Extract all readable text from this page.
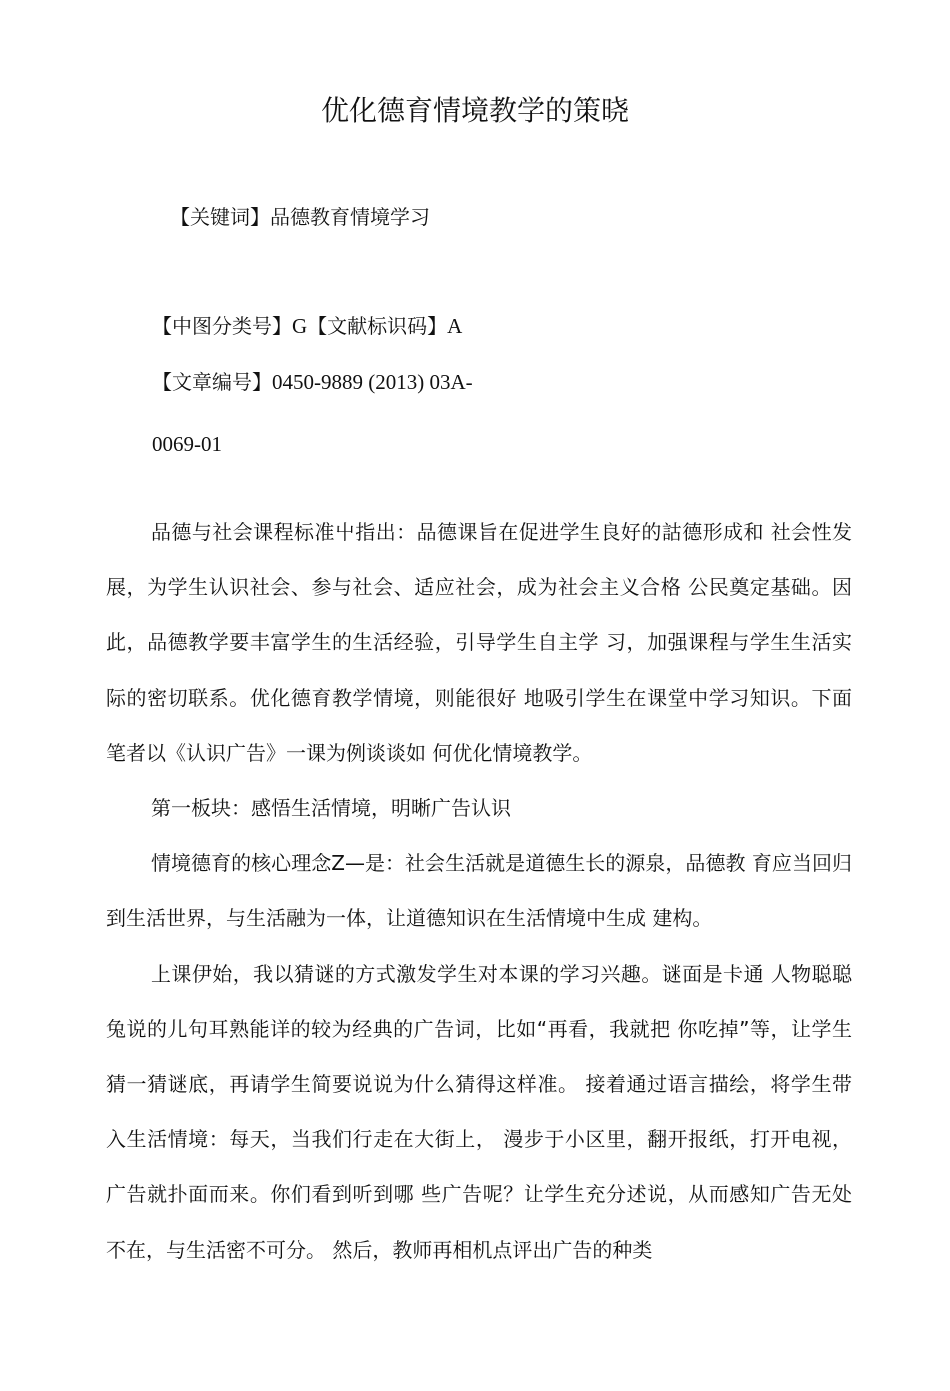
优化德育情境教学的策晓
【关键词】品德教育情境学习
【中图分类号】G【文献标识码】A
【文章编号】0450-9889 (2013) 03A-
0069-01

品德与社会课程标准屮指出：品德课旨在促进学生良好的詁德形成和 社会性发展，为学生认识社会、参与社会、适应社会，成为社会主义合格 公民奠定基础。因此，品德教学要丰富学生的生活经验，引导学生自主学 习，加强课程与学生生活实际的密切联系。优化德育教学情境，则能很好 地吸引学生在课堂中学习知识。下面笔者以《认识广告》一课为例谈谈如 何优化情境教学。

第一板块：感悟生活情境，明晰广告认识

情境德育的核心理念Z—是：社会生活就是道德生长的源泉，品德教 育应当回归到生活世界，与生活融为一体，让道德知识在生活情境中生成 建构。

上课伊始，我以猜谜的方式激发学生对本课的学习兴趣。谜面是卡通 人物聪聪兔说的儿句耳熟能详的较为经典的广告词，比如“再看，我就把 你吃掉”等，让学生猜一猜谜底，再请学生简要说说为什么猜得这样准。 接着通过语言描绘，将学生带入生活情境：每天，当我们行走在大街上， 漫步于小区里，翻开报纸，打开电视，广告就扑面而来。你们看到听到哪 些广告呢？让学生充分述说，从而感知广告无处不在，与生活密不可分。 然后，教师再相机点评出广告的种类
